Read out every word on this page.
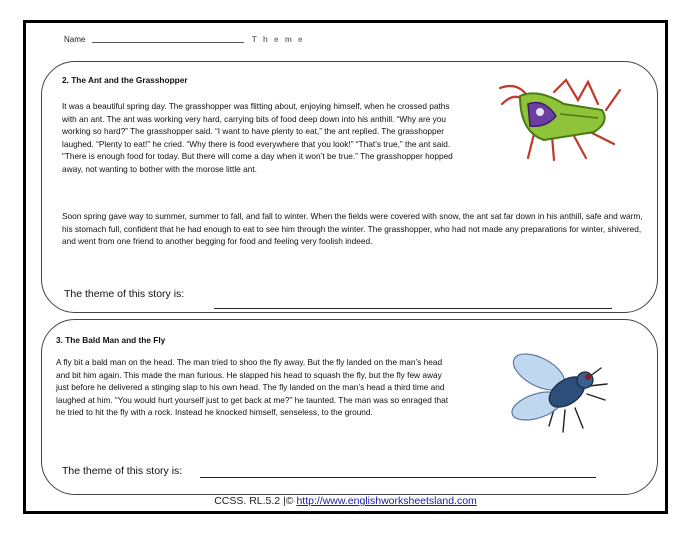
Name	T h e m e
2. The Ant and the Grasshopper

It was a beautiful spring day. The grasshopper was flitting about, enjoying himself, when he crossed paths with an ant. The ant was working very hard, carrying bits of food deep down into his anthill. “Why are you working so hard?” The grasshopper said. “I want to have plenty to eat,” the ant replied. The grasshopper laughed. “Plenty to eat!” he cried. “Why there is food everywhere that you look!” “That’s true,” the ant said. “There is enough food for today. But there will come a day when it won’t be true.” The grasshopper hopped away, not wanting to bother with the morose little ant.

Soon spring gave way to summer, summer to fall, and fall to winter. When the fields were covered with snow, the ant sat far down in his anthill, safe and warm, his stomach full, confident that he had enough to eat to see him through the winter. The grasshopper, who had not made any preparations for winter, shivered, and went from one friend to another begging for food and feeling very foolish indeed.

The theme of this story is:
3. The Bald Man and the Fly

A fly bit a bald man on the head. The man tried to shoo the fly away. But the fly landed on the man’s head and bit him again. This made the man furious. He slapped his head to squash the fly, but the fly few away just before he delivered a stinging slap to his own head. The fly landed on the man’s head a third time and laughed at him. “You would hurt yourself just to get back at me?” he taunted. The man was so enraged that he tried to hit the fly with a rock. Instead he knocked himself, senseless, to the ground.

The theme of this story is:
CCSS. RL.5.2 |© http://www.englishworksheetsland.com
